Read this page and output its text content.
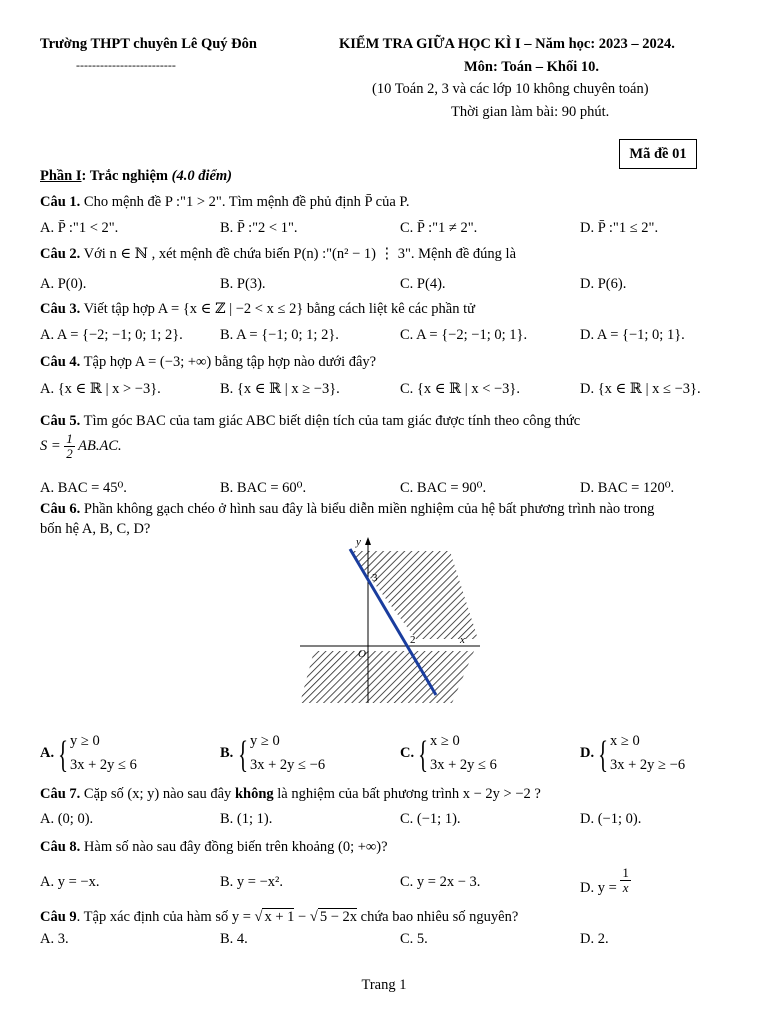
Trường THPT chuyên Lê Quý Đôn
-------------------------
KIỂM TRA GIỮA HỌC KÌ I – Năm học: 2023 – 2024.
Môn: Toán – Khối 10.
(10 Toán 2, 3 và các lớp 10 không chuyên toán)
Thời gian làm bài: 90 phút.
Mã đề 01
Phần I: Trắc nghiệm (4.0 điểm)
Câu 1. Cho mệnh đề P :"1 > 2". Tìm mệnh đề phủ định P̄ của P.
A. P̄ :"1 < 2".	B. P̄ :"2 < 1".	C. P̄ :"1 ≠ 2".	D. P̄ :"1 ≤ 2".
Câu 2. Với n ∈ ℕ , xét mệnh đề chứa biến P(n) :"(n² − 1) ⋮ 3". Mệnh đề đúng là
A. P(0).	B. P(3).	C. P(4).	D. P(6).
Câu 3. Viết tập hợp A = {x ∈ ℤ | −2 < x ≤ 2} bằng cách liệt kê các phần tử
A. A = {−2; −1; 0; 1; 2}.	B. A = {−1; 0; 1; 2}.	C. A = {−2; −1; 0; 1}.	D. A = {−1; 0; 1}.
Câu 4. Tập hợp A = (−3; +∞) bằng tập hợp nào dưới đây?
A. {x ∈ ℝ | x > −3}.	B. {x ∈ ℝ | x ≥ −3}.	C. {x ∈ ℝ | x < −3}.	D. {x ∈ ℝ | x ≤ −3}.
Câu 5. Tìm góc BAC của tam giác ABC biết diện tích của tam giác được tính theo công thức
$S = \frac{1}{2} AB.AC$.
A. BAC = 45⁰.	B. BAC = 60⁰.	C. BAC = 90⁰.	D. BAC = 120⁰.
Câu 6. Phần không gạch chéo ở hình sau đây là biểu diễn miền nghiệm của hệ bất phương trình nào trong
bốn hệ A, B, C, D?
y
x
O
3
2
A. { y ≥ 0
3x + 2y ≤ 6
B. { y ≥ 0
3x + 2y ≤ −6
C. { x ≥ 0
3x + 2y ≤ 6
D. { x ≥ 0
3x + 2y ≥ −6
Câu 7. Cặp số (x; y) nào sau đây không là nghiệm của bất phương trình x − 2y > −2 ?
A. (0; 0).	B. (1; 1).	C. (−1; 1).	D. (−1; 0).
Câu 8. Hàm số nào sau đây đồng biến trên khoảng (0; +∞)?
A. y = −x.	B. y = −x².	C. y = 2x − 3.	D. $y = \frac{1}{x}$
Câu 9. Tập xác định của hàm số y = √ x + 1 − √ 5 − 2x chứa bao nhiêu số nguyên?
A. 3.	B. 4.	C. 5.	D. 2.
Trang 1
